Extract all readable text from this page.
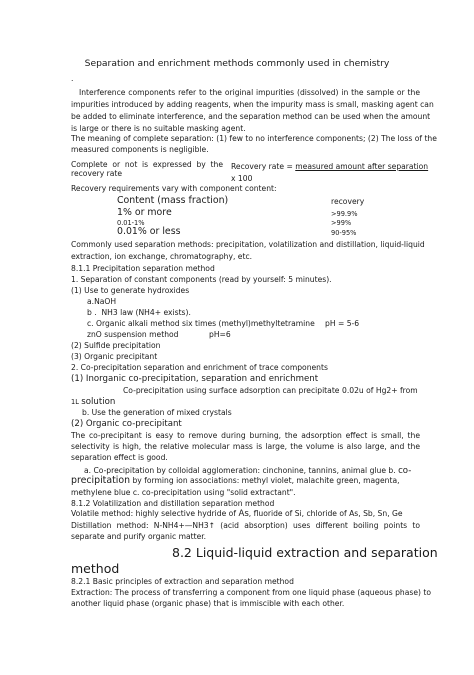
Separation and enrichment methods commonly used in chemistry
.
Interference components refer to the original impurities (dissolved) in the sample or the
impurities introduced by adding reagents, when the impurity mass is small, masking agent can
be added to eliminate interference, and the separation method can be used when the amount
is large or there is no suitable masking agent.
The meaning of complete separation: (1) few to no interference components; (2) The loss of the
measured components is negligible.
Complete or not is expressed by the
recovery rate
Recovery rate = measured amount after separation
x 100
Recovery requirements vary with component content:
Content (mass fraction)	recovery
1% or more	>99.9%
0.01-1%	>99%
0.01% or less	90-95%
Commonly used separation methods: precipitation, volatilization and distillation, liquid-liquid
extraction, ion exchange, chromatography, etc.
8.1.1 Precipitation separation method
1. Separation of constant components (read by yourself: 5 minutes).
(1) Use to generate hydroxides
a.NaOH
b . NH3 law (NH4+ exists).
c. Organic alkali method six times (methyl)methyltetramine pH = 5-6
znO suspension method	pH=6
(2) Sulfide precipitation
(3) Organic precipitant
2. Co-precipitation separation and enrichment of trace components
(1) Inorganic co-precipitation, separation and enrichment
Co-precipitation using surface adsorption can precipitate 0.02u of Hg2+ from
1L solution
b. Use the generation of mixed crystals
(2) Organic co-precipitant
The co-precipitant is easy to remove during burning, the adsorption effect is small, the
selectivity is high, the relative molecular mass is large, the volume is also large, and the
separation effect is good.
a. Co-precipitation by colloidal agglomeration: cinchonine, tannins, animal glue b. co-
precipitation by forming ion associations: methyl violet, malachite green, magenta,
methylene blue c. co-precipitation using "solid extractant".
8.1.2 Volatilization and distillation separation method
Volatile method: highly selective hydride of As, fluoride of Si, chloride of As, Sb, Sn, Ge
Distillation method: N-NH4+—NH3↑ (acid absorption) uses different boiling points to
separate and purify organic matter.
8.2 Liquid-liquid extraction and separation
method
8.2.1 Basic principles of extraction and separation method
Extraction: The process of transferring a component from one liquid phase (aqueous phase) to
another liquid phase (organic phase) that is immiscible with each other.
